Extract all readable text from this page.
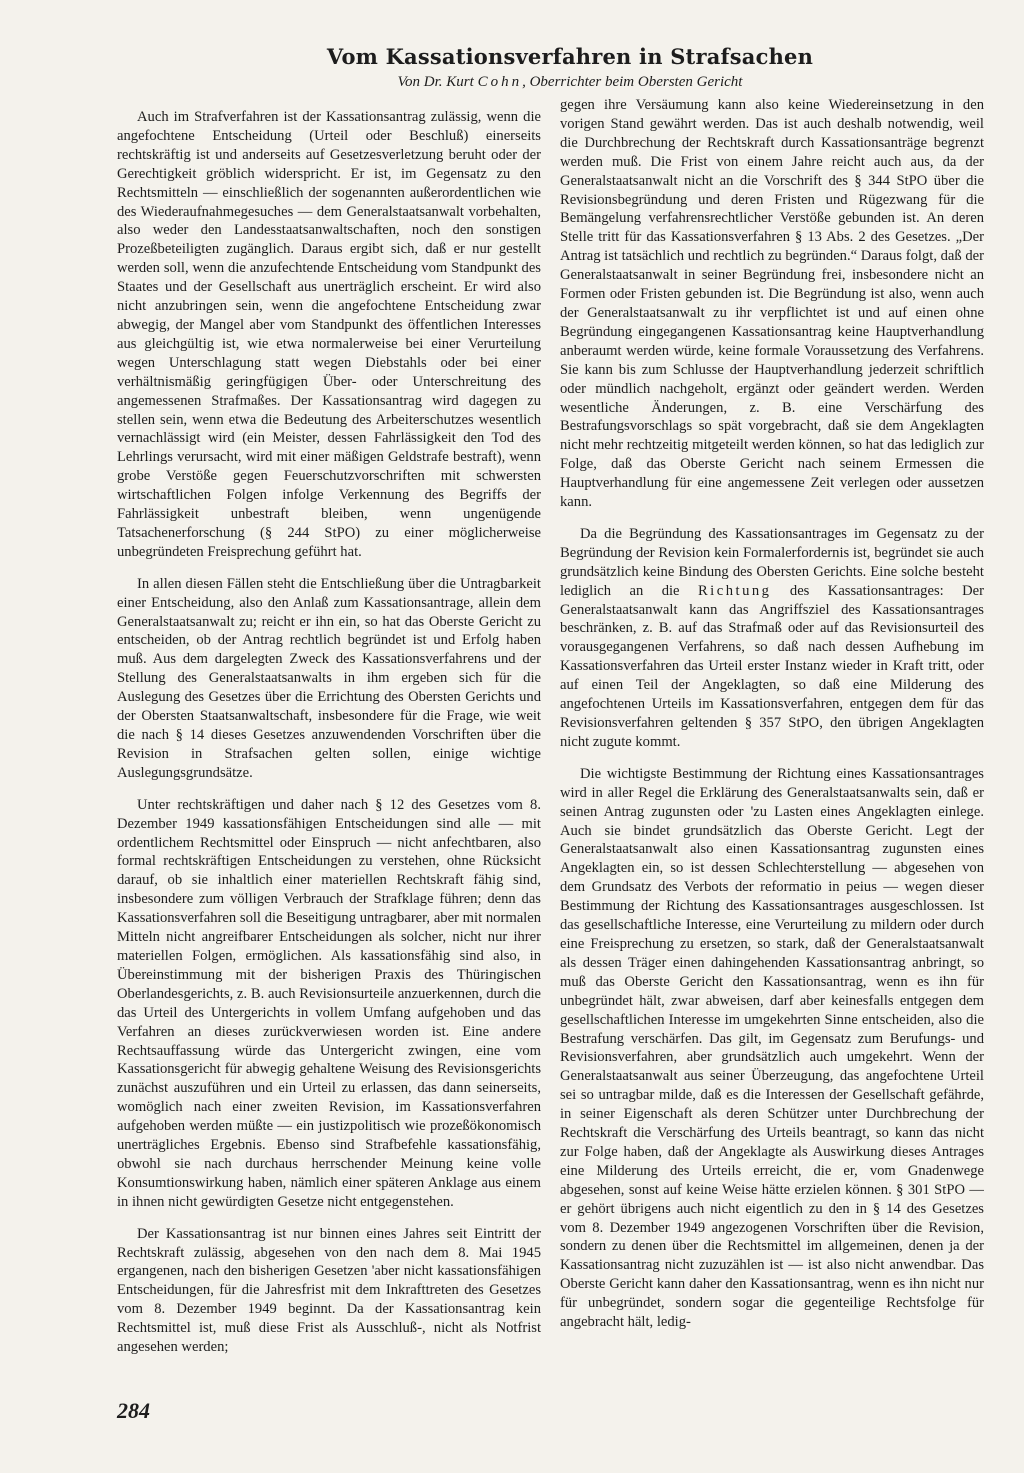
Vom Kassationsverfahren in Strafsachen
Von Dr. Kurt Cohn, Oberrichter beim Obersten Gericht

Auch im Strafverfahren ist der Kassationsantrag zulässig, wenn die angefochtene Entscheidung (Urteil oder Beschluß) einerseits rechtskräftig ist und anderseits auf Gesetzesverletzung beruht oder der Gerechtigkeit gröblich widerspricht. Er ist, im Gegensatz zu den Rechtsmitteln — einschließlich der sogenannten außerordentlichen wie des Wiederaufnahmegesuches — dem Generalstaatsanwalt vorbehalten, also weder den Landesstaatsanwaltschaften, noch den sonstigen Prozeßbeteiligten zugänglich. Daraus ergibt sich, daß er nur gestellt werden soll, wenn die anzufechtende Entscheidung vom Standpunkt des Staates und der Gesellschaft aus unerträglich erscheint. Er wird also nicht anzubringen sein, wenn die angefochtene Entscheidung zwar abwegig, der Mangel aber vom Standpunkt des öffentlichen Interesses aus gleichgültig ist, wie etwa normalerweise bei einer Verurteilung wegen Unterschlagung statt wegen Diebstahls oder bei einer verhältnismäßig geringfügigen Über- oder Unterschreitung des angemessenen Strafmaßes. Der Kassationsantrag wird dagegen zu stellen sein, wenn etwa die Bedeutung des Arbeiterschutzes wesentlich vernachlässigt wird (ein Meister, dessen Fahrlässigkeit den Tod des Lehrlings verursacht, wird mit einer mäßigen Geldstrafe bestraft), wenn grobe Verstöße gegen Feuerschutzvorschriften mit schwersten wirtschaftlichen Folgen infolge Verkennung des Begriffs der Fahrlässigkeit unbestraft bleiben, wenn ungenügende Tatsachenerforschung (§ 244 StPO) zu einer möglicherweise unbegründeten Freisprechung geführt hat.

In allen diesen Fällen steht die Entschließung über die Untragbarkeit einer Entscheidung, also den Anlaß zum Kassationsantrage, allein dem Generalstaatsanwalt zu; reicht er ihn ein, so hat das Oberste Gericht zu entscheiden, ob der Antrag rechtlich begründet ist und Erfolg haben muß. Aus dem dargelegten Zweck des Kassationsverfahrens und der Stellung des Generalstaatsanwalts in ihm ergeben sich für die Auslegung des Gesetzes über die Errichtung des Obersten Gerichts und der Obersten Staatsanwaltschaft, insbesondere für die Frage, wie weit die nach § 14 dieses Gesetzes anzuwendenden Vorschriften über die Revision in Strafsachen gelten sollen, einige wichtige Auslegungsgrundsätze.

Unter rechtskräftigen und daher nach § 12 des Gesetzes vom 8. Dezember 1949 kassationsfähigen Entscheidungen sind alle — mit ordentlichem Rechtsmittel oder Einspruch — nicht anfechtbaren, also formal rechtskräftigen Entscheidungen zu verstehen, ohne Rücksicht darauf, ob sie inhaltlich einer materiellen Rechtskraft fähig sind, insbesondere zum völligen Verbrauch der Strafklage führen; denn das Kassationsverfahren soll die Beseitigung untragbarer, aber mit normalen Mitteln nicht angreifbarer Entscheidungen als solcher, nicht nur ihrer materiellen Folgen, ermöglichen. Als kassationsfähig sind also, in Übereinstimmung mit der bisherigen Praxis des Thüringischen Oberlandesgerichts, z. B. auch Revisionsurteile anzuerkennen, durch die das Urteil des Untergerichts in vollem Umfang aufgehoben und das Verfahren an dieses zurückverwiesen worden ist. Eine andere Rechtsauffassung würde das Untergericht zwingen, eine vom Kassationsgericht für abwegig gehaltene Weisung des Revisionsgerichts zunächst auszuführen und ein Urteil zu erlassen, das dann seinerseits, womöglich nach einer zweiten Revision, im Kassationsverfahren aufgehoben werden müßte — ein justizpolitisch wie prozeßökonomisch unerträgliches Ergebnis. Ebenso sind Strafbefehle kassationsfähig, obwohl sie nach durchaus herrschender Meinung keine volle Konsumtionswirkung haben, nämlich einer späteren Anklage aus einem in ihnen nicht gewürdigten Gesetze nicht entgegenstehen.

Der Kassationsantrag ist nur binnen eines Jahres seit Eintritt der Rechtskraft zulässig, abgesehen von den nach dem 8. Mai 1945 ergangenen, nach den bisherigen Gesetzen 'aber nicht kassationsfähigen Entscheidungen, für die Jahresfrist mit dem Inkrafttreten des Gesetzes vom 8. Dezember 1949 beginnt. Da der Kassationsantrag kein Rechtsmittel ist, muß diese Frist als Ausschluß-, nicht als Notfrist angesehen werden;

gegen ihre Versäumung kann also keine Wiedereinsetzung in den vorigen Stand gewährt werden. Das ist auch deshalb notwendig, weil die Durchbrechung der Rechtskraft durch Kassationsanträge begrenzt werden muß. Die Frist von einem Jahre reicht auch aus, da der Generalstaatsanwalt nicht an die Vorschrift des § 344 StPO über die Revisionsbegründung und deren Fristen und Rügezwang für die Bemängelung verfahrensrechtlicher Verstöße gebunden ist. An deren Stelle tritt für das Kassationsverfahren § 13 Abs. 2 des Gesetzes. „Der Antrag ist tatsächlich und rechtlich zu begründen.“ Daraus folgt, daß der Generalstaatsanwalt in seiner Begründung frei, insbesondere nicht an Formen oder Fristen gebunden ist. Die Begründung ist also, wenn auch der Generalstaatsanwalt zu ihr verpflichtet ist und auf einen ohne Begründung eingegangenen Kassationsantrag keine Hauptverhandlung anberaumt werden würde, keine formale Voraussetzung des Verfahrens. Sie kann bis zum Schlusse der Hauptverhandlung jederzeit schriftlich oder mündlich nachgeholt, ergänzt oder geändert werden. Werden wesentliche Änderungen, z. B. eine Verschärfung des Bestrafungsvorschlags so spät vorgebracht, daß sie dem Angeklagten nicht mehr rechtzeitig mitgeteilt werden können, so hat das lediglich zur Folge, daß das Oberste Gericht nach seinem Ermessen die Hauptverhandlung für eine angemessene Zeit verlegen oder aussetzen kann.

Da die Begründung des Kassationsantrages im Gegensatz zu der Begründung der Revision kein Formalerfordernis ist, begründet sie auch grundsätzlich keine Bindung des Obersten Gerichts. Eine solche besteht lediglich an die Richtung des Kassationsantrages: Der Generalstaatsanwalt kann das Angriffsziel des Kassationsantrages beschränken, z. B. auf das Strafmaß oder auf das Revisionsurteil des vorausgegangenen Verfahrens, so daß nach dessen Aufhebung im Kassationsverfahren das Urteil erster Instanz wieder in Kraft tritt, oder auf einen Teil der Angeklagten, so daß eine Milderung des angefochtenen Urteils im Kassationsverfahren, entgegen dem für das Revisionsverfahren geltenden § 357 StPO, den übrigen Angeklagten nicht zugute kommt.

Die wichtigste Bestimmung der Richtung eines Kassationsantrages wird in aller Regel die Erklärung des Generalstaatsanwalts sein, daß er seinen Antrag zugunsten oder 'zu Lasten eines Angeklagten einlege. Auch sie bindet grundsätzlich das Oberste Gericht. Legt der Generalstaatsanwalt also einen Kassationsantrag zugunsten eines Angeklagten ein, so ist dessen Schlechterstellung — abgesehen von dem Grundsatz des Verbots der reformatio in peius — wegen dieser Bestimmung der Richtung des Kassationsantrages ausgeschlossen. Ist das gesellschaftliche Interesse, eine Verurteilung zu mildern oder durch eine Freisprechung zu ersetzen, so stark, daß der Generalstaatsanwalt als dessen Träger einen dahingehenden Kassationsantrag anbringt, so muß das Oberste Gericht den Kassationsantrag, wenn es ihn für unbegründet hält, zwar abweisen, darf aber keinesfalls entgegen dem gesellschaftlichen Interesse im umgekehrten Sinne entscheiden, also die Bestrafung verschärfen. Das gilt, im Gegensatz zum Berufungs- und Revisionsverfahren, aber grundsätzlich auch umgekehrt. Wenn der Generalstaatsanwalt aus seiner Überzeugung, das angefochtene Urteil sei so untragbar milde, daß es die Interessen der Gesellschaft gefährde, in seiner Eigenschaft als deren Schützer unter Durchbrechung der Rechtskraft die Verschärfung des Urteils beantragt, so kann das nicht zur Folge haben, daß der Angeklagte als Auswirkung dieses Antrages eine Milderung des Urteils erreicht, die er, vom Gnadenwege abgesehen, sonst auf keine Weise hätte erzielen können. § 301 StPO — er gehört übrigens auch nicht eigentlich zu den in § 14 des Gesetzes vom 8. Dezember 1949 angezogenen Vorschriften über die Revision, sondern zu denen über die Rechtsmittel im allgemeinen, denen ja der Kassationsantrag nicht zuzuzählen ist — ist also nicht anwendbar. Das Oberste Gericht kann daher den Kassationsantrag, wenn es ihn nicht nur für unbegründet, sondern sogar die gegenteilige Rechtsfolge für angebracht hält, ledig-

284
